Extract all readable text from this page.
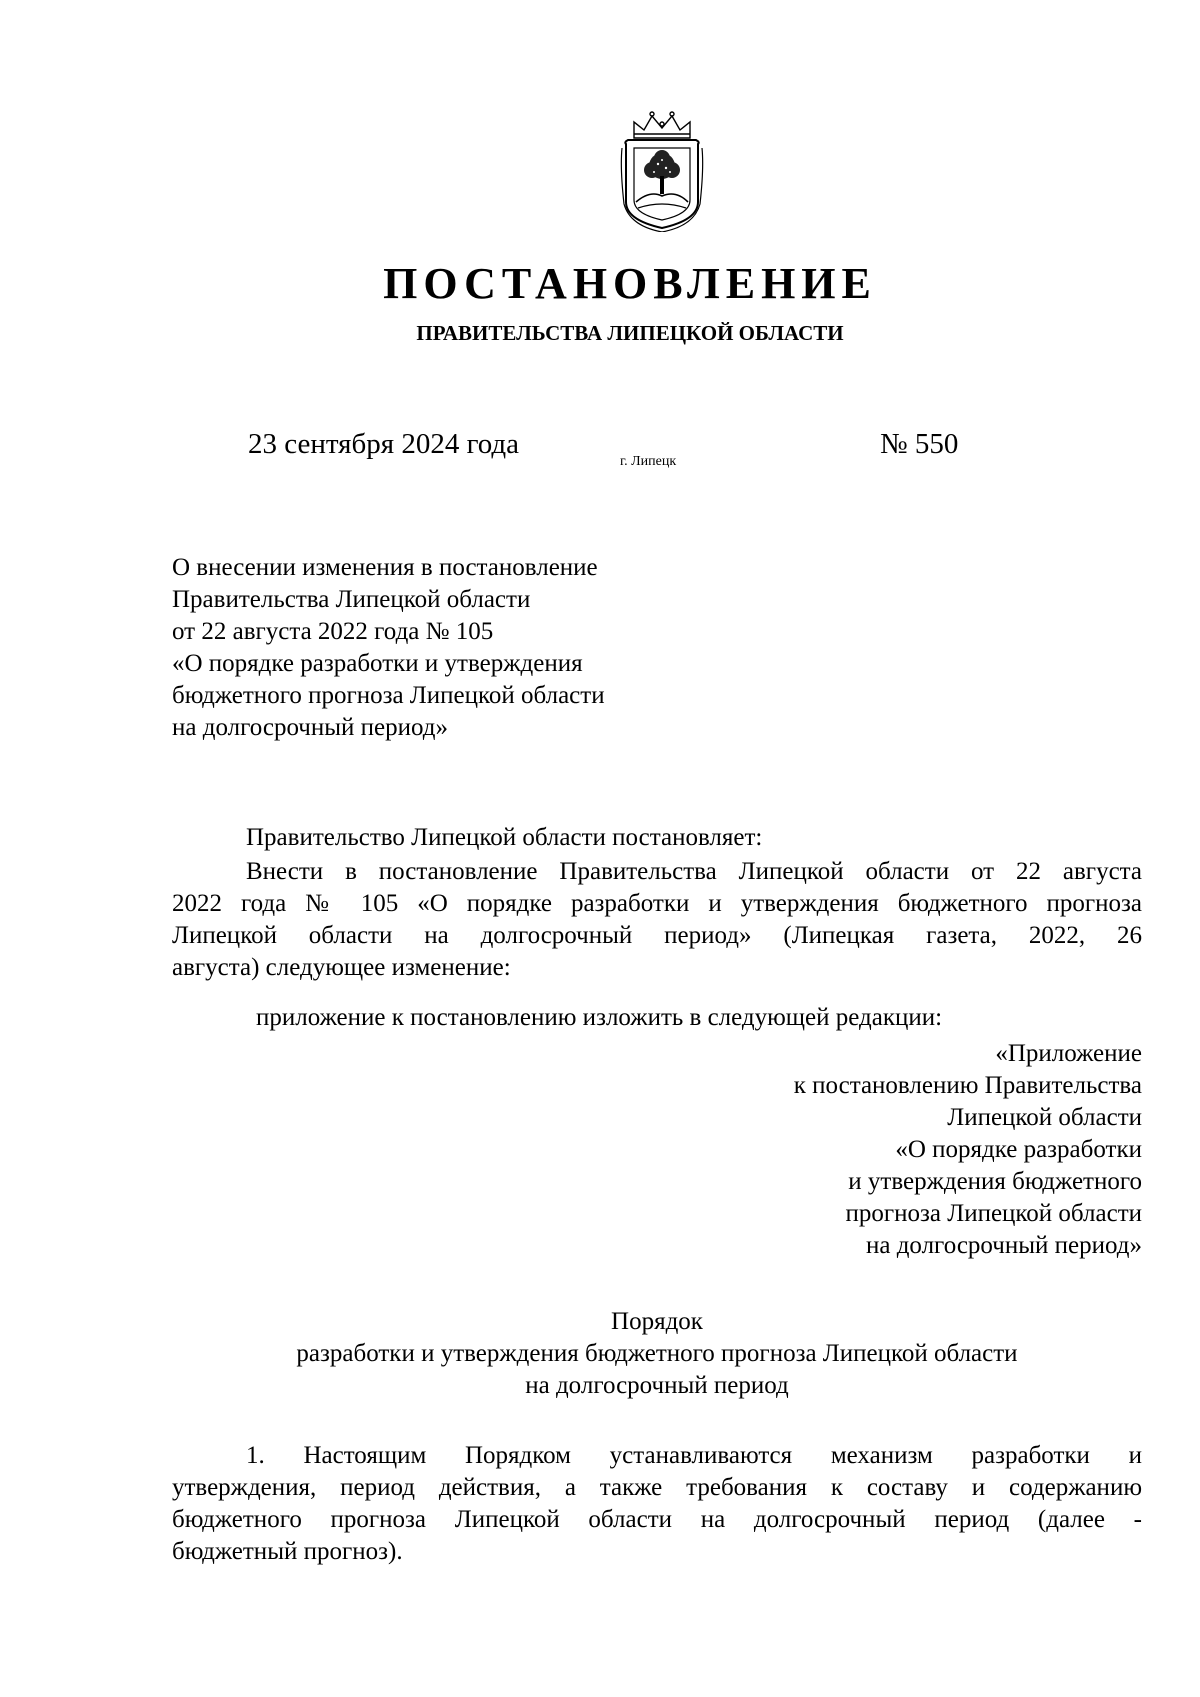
ПОСТАНОВЛЕНИЕ
ПРАВИТЕЛЬСТВА ЛИПЕЦКОЙ ОБЛАСТИ
23 сентября 2024 года
г. Липецк
№ 550
О внесении изменения в постановление
Правительства Липецкой области
от 22 августа 2022 года № 105
«О порядке разработки и утверждения
бюджетного прогноза Липецкой области
на долгосрочный период»
Правительство Липецкой области постановляет:
Внести в постановление Правительства Липецкой области от 22 августа
2022 года № 105 «О порядке разработки и утверждения бюджетного прогноза
Липецкой области на долгосрочный период» (Липецкая газета, 2022, 26
августа) следующее изменение:
приложение к постановлению изложить в следующей редакции:
«Приложение
к постановлению Правительства
Липецкой области
«О порядке разработки
и утверждения бюджетного
прогноза Липецкой области
на долгосрочный период»
Порядок
разработки и утверждения бюджетного прогноза Липецкой области
на долгосрочный период
1. Настоящим Порядком устанавливаются механизм разработки и
утверждения, период действия, а также требования к составу и содержанию
бюджетного прогноза Липецкой области на долгосрочный период (далее -
бюджетный прогноз).
